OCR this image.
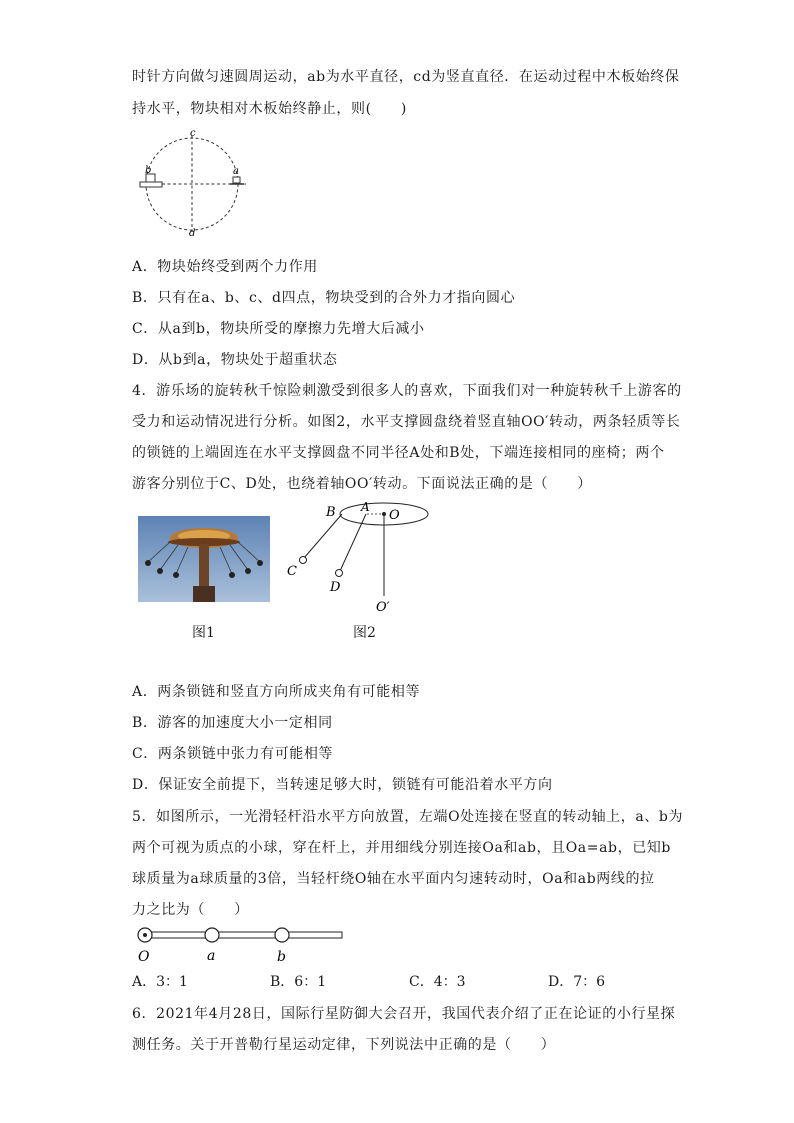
时针方向做匀速圆周运动，ab为水平直径，cd为竖直直径．在运动过程中木板始终保
持水平，物块相对木板始终静止，则(　　)
c
d
b	a
A．物块始终受到两个力作用
B．只有在a、b、c、d四点，物块受到的合外力才指向圆心
C．从a到b，物块所受的摩擦力先增大后减小
D．从b到a，物块处于超重状态
4．游乐场的旋转秋千惊险刺激受到很多人的喜欢，下面我们对一种旋转秋千上游客的
受力和运动情况进行分析。如图2，水平支撑圆盘绕着竖直轴OO′转动，两条轻质等长
的锁链的上端固连在水平支撑圆盘不同半径A处和B处，下端连接相同的座椅；两个
游客分别位于C、D处，也绕着轴OO′转动。下面说法正确的是（　　）
图1
B A
O
C
D
O′
图2
A．两条锁链和竖直方向所成夹角有可能相等
B．游客的加速度大小一定相同
C．两条锁链中张力有可能相等
D．保证安全前提下，当转速足够大时，锁链有可能沿着水平方向
5．如图所示，一光滑轻杆沿水平方向放置，左端O处连接在竖直的转动轴上，a、b为
两个可视为质点的小球，穿在杆上，并用细线分别连接Oa和ab，且Oa=ab，已知b
球质量为a球质量的3倍，当轻杆绕O轴在水平面内匀速转动时，Oa和ab两线的拉
力之比为（　　）
O	a	b
A．3：1	B．6：1	C．4：3	D．7：6
6．2021年4月28日，国际行星防御大会召开，我国代表介绍了正在论证的小行星探
测任务。关于开普勒行星运动定律，下列说法中正确的是（　　）
